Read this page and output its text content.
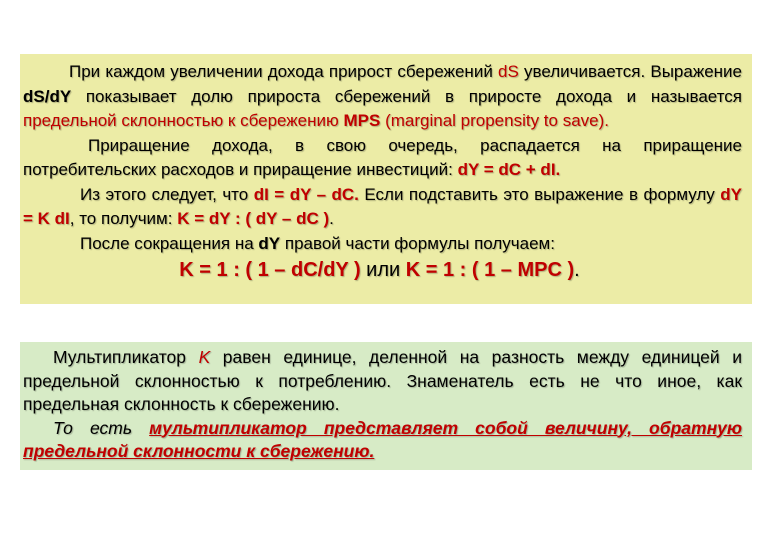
При каждом увеличении дохода прирост сбережений dS увеличивается. Выражение dS/dY показывает долю прироста сбережений в приросте дохода и называется предельной склонностью к сбережению MPS (marginal propensity to save).

Приращение дохода, в свою очередь, распадается на приращение потребительских расходов и приращение инвестиций: dY = dC + dI.

Из этого следует, что dI = dY – dC. Если подставить это выражение в формулу dY = K dI, то получим: K = dY : ( dY – dC ).

После сокращения на dY правой части формулы получаем:

K = 1 : ( 1 – dC/dY ) или K = 1 : ( 1 – MPC ).

Мультипликатор K равен единице, деленной на разность между единицей и предельной склонностью к потреблению. Знаменатель есть не что иное, как предельная склонность к сбережению.

То есть мультипликатор представляет собой величину, обратную предельной склонности к сбережению.
